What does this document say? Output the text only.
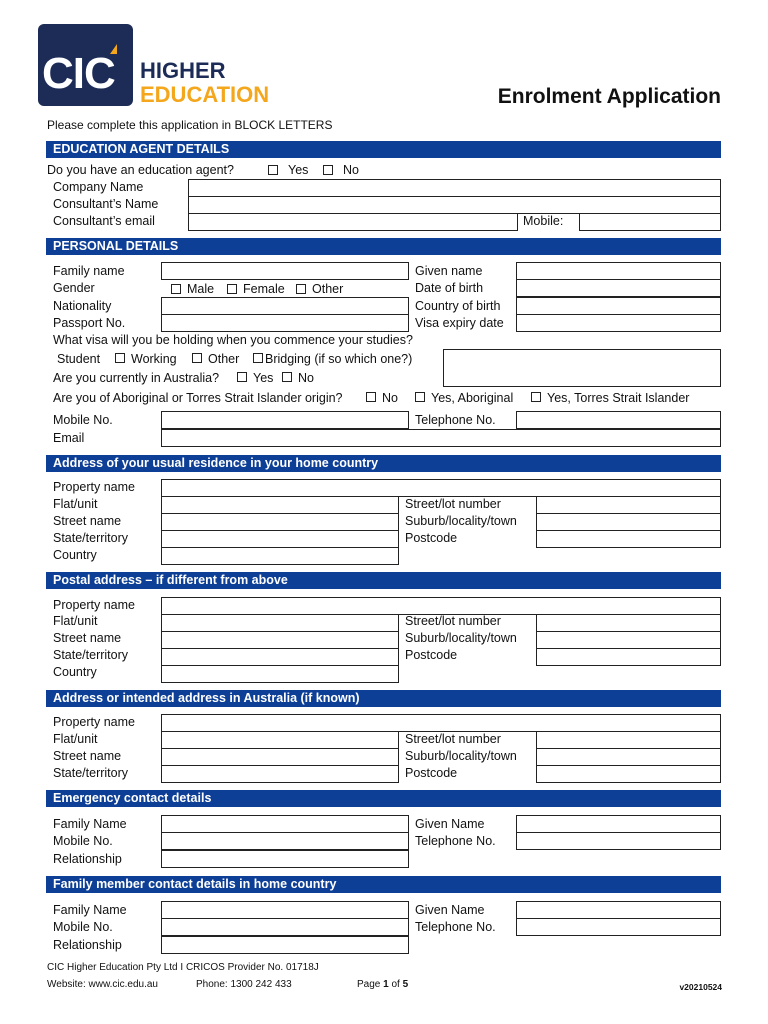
CIC HIGHER
EDUCATION	Enrolment Application
Please complete this application in BLOCK LETTERS
EDUCATION AGENT DETAILS
Do you have an education agent?	Yes	No
Company Name
Consultant’s Name
Consultant’s email	Mobile:
PERSONAL DETAILS
Family name	Given name
Gender	Male Female Other	Date of birth
Nationality	Country of birth
Passport No.	Visa expiry date
What visa will you be holding when you commence your studies?
Student Working	Other Bridging (if so which one?)
Are you currently in Australia?	Yes No
Are you of Aboriginal or Torres Strait Islander origin?	No	Yes, Aboriginal	Yes, Torres Strait Islander
Mobile No.	Telephone No.
Email
Address of your usual residence in your home country
Property name
Flat/unit	Street/lot number
Street name	Suburb/locality/town
State/territory	Postcode
Country
Postal address – if different from above
Property name
Flat/unit	Street/lot number
Street name	Suburb/locality/town
State/territory	Postcode
Country
Address or intended address in Australia (if known)
Property name
Flat/unit	Street/lot number
Street name	Suburb/locality/town
State/territory	Postcode
Emergency contact details
Family Name	Given Name
Mobile No.	Telephone No.
Relationship
Family member contact details in home country
Family Name	Given Name
Mobile No.	Telephone No.
Relationship
CIC Higher Education Pty Ltd I CRICOS Provider No. 01718J
Website: www.cic.edu.au	Phone: 1300 242 433	Page 1 of 5	v20210524
